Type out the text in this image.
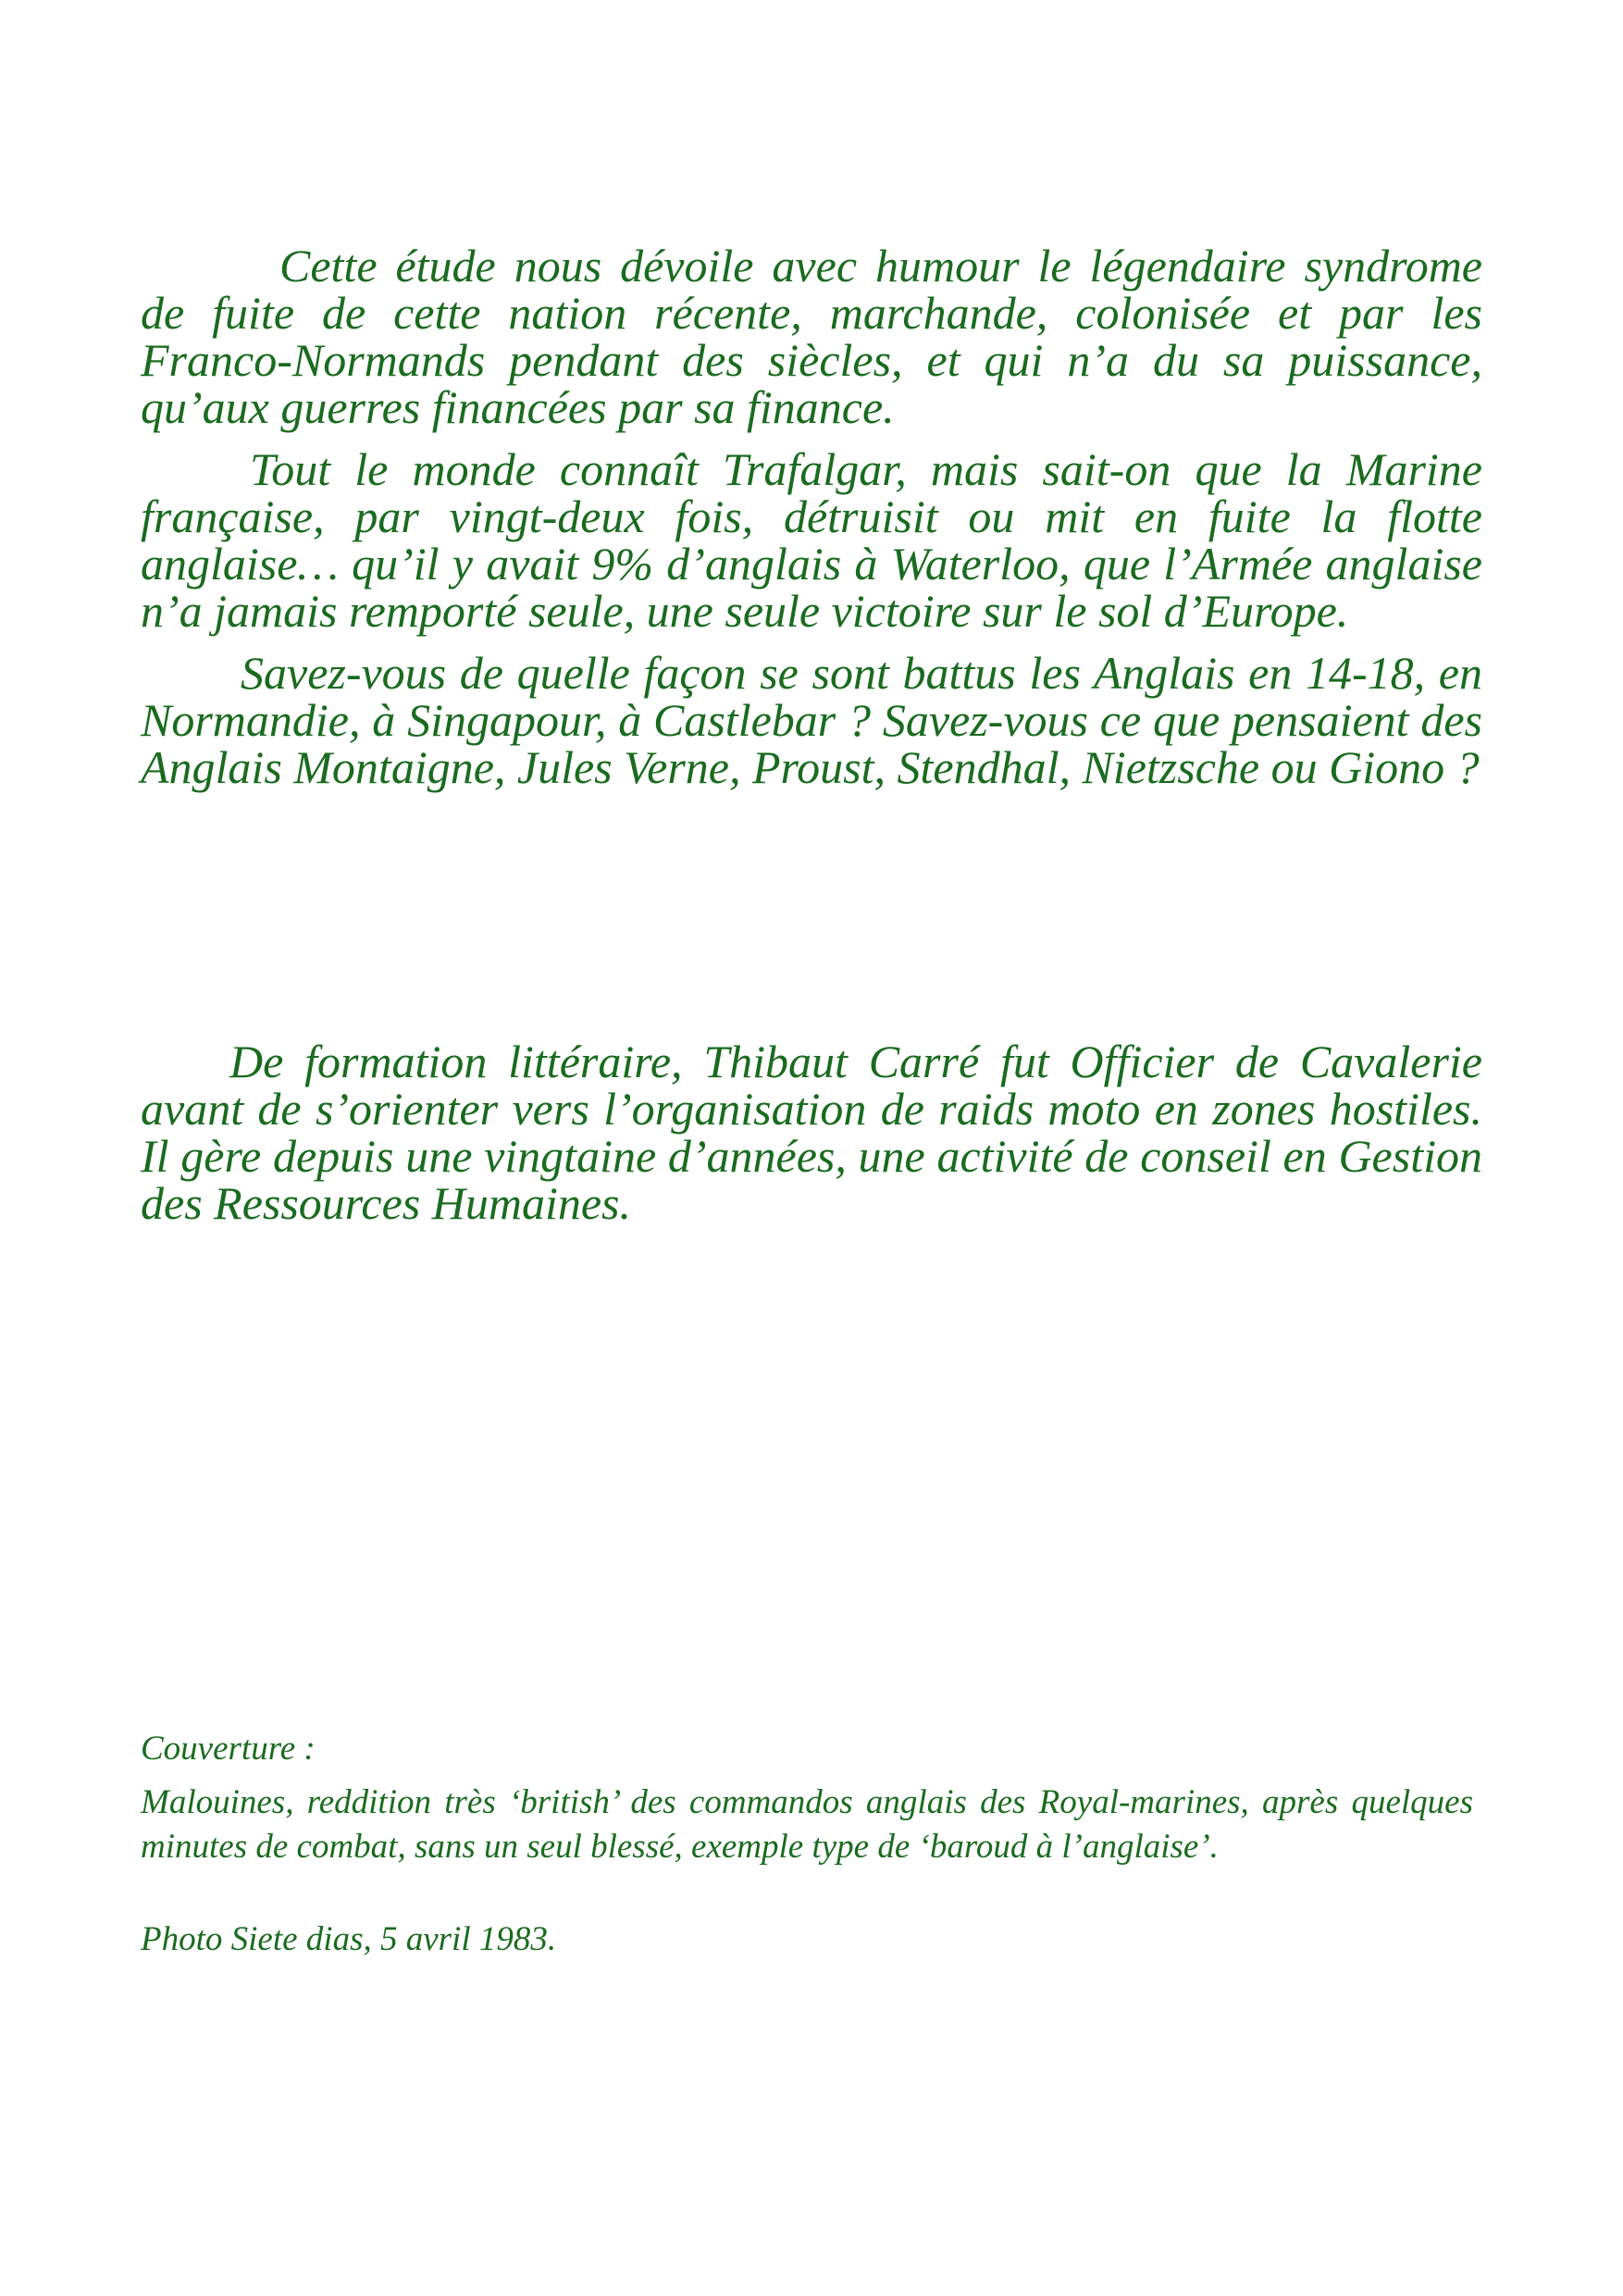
Cette étude nous dévoile avec humour le légendaire syndrome de fuite de cette nation récente, marchande, colonisée et par les Franco-Normands pendant des siècles, et qui n’a du sa puissance, qu’aux guerres financées par sa finance.

Tout le monde connaît Trafalgar, mais sait-on que la Marine française, par vingt-deux fois, détruisit ou mit en fuite la flotte anglaise… qu’il y avait 9% d’anglais à Waterloo, que l’Armée anglaise n’a jamais remporté seule, une seule victoire sur le sol d’Europe.

Savez-vous de quelle façon se sont battus les Anglais en 14-18, en Normandie, à Singapour, à Castlebar ? Savez-vous ce que pensaient des Anglais Montaigne, Jules Verne, Proust, Stendhal, Nietzsche ou Giono ?

De formation littéraire, Thibaut Carré fut Officier de Cavalerie avant de s’orienter vers l’organisation de raids moto en zones hostiles. Il gère depuis une vingtaine d’années, une activité de conseil en Gestion des Ressources Humaines.

Couverture :

Malouines, reddition très ‘british’ des commandos anglais des Royal-marines, après quelques minutes de combat, sans un seul blessé, exemple type de ‘baroud à l’anglaise’.

Photo Siete dias, 5 avril 1983.
